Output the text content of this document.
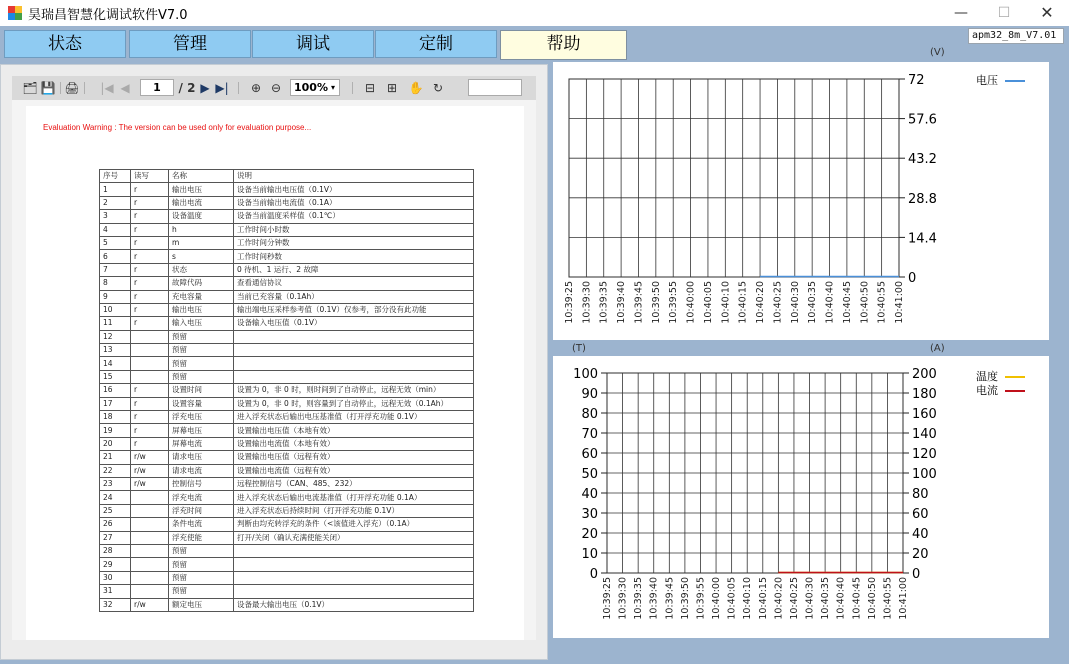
昊瑞昌智慧化调试软件V7.0	—	☐	✕
状态	管理	调试	定制	帮助	apm32_8m_V7.01
🗂 💾 🖨 |◀ ◀	1	/ 2 ▶ ▶| ⊕ ⊖	100% ▾ ⊟ ⊞ ✋ ↻
Evaluation Warning : The version can be used only for evaluation purpose...
序号	读写	名称	说明
1	r	输出电压	设备当前输出电压值（0.1V）
2	r	输出电流	设备当前输出电流值（0.1A）
3	r	设备温度	设备当前温度采样值（0.1℃）
4	r	h	工作时间小时数
5	r	m	工作时间分钟数
6	r	s	工作时间秒数
7	r	状态	0 待机、1 运行、2 故障
8	r	故障代码	查看通信协议
9	r	充电容量	当前已充容量（0.1Ah）
10	r	输出电压	输出端电压采样参考值（0.1V）仅参考，部分没有此功能
11	r	输入电压	设备输入电压值（0.1V）
12		预留	
13		预留	
14		预留	
15		预留	
16	r	设置时间	设置为 0，非 0 时，则时间到了自动停止，远程无效（min）
17	r	设置容量	设置为 0，非 0 时，则容量到了自动停止，远程无效（0.1Ah）
18	r	浮充电压	进入浮充状态后输出电压基准值（打开浮充功能 0.1V）
19	r	屏幕电压	设置输出电压值（本地有效）
20	r	屏幕电流	设置输出电流值（本地有效）
21	r/w	请求电压	设置输出电压值（远程有效）
22	r/w	请求电流	设置输出电流值（远程有效）
23	r/w	控制信号	远程控制信号（CAN、485、232）
24		浮充电流	进入浮充状态后输出电流基准值（打开浮充功能 0.1A）
25		浮充时间	进入浮充状态后持续时间（打开浮充功能 0.1V）
26		条件电流	判断由均充转浮充的条件（<该值进入浮充）（0.1A）
27		浮充使能	打开/关闭（确认充满使能关闭）
28		预留	
29		预留	
30		预留	
31		预留	
32	r/w	额定电压	设备最大输出电压（0.1V）
(V)
10:39:25 10:39:30 10:39:35 10:39:40 10:39:45 10:39:50 10:39:55 10:40:00 10:40:05 10:40:10 10:40:15 10:40:20 10:40:25 10:40:30 10:40:35 10:40:40 10:40:45 10:40:50 10:40:55 10:41:00
72
57.6
43.2
28.8
14.4
0
电压
(T)	(A)
10:39:25 10:39:30 10:39:35 10:39:40 10:39:45 10:39:50 10:39:55 10:40:00 10:40:05 10:40:10 10:40:15 10:40:20 10:40:25 10:40:30 10:40:35 10:40:40 10:40:45 10:40:50 10:40:55 10:41:00
200
180
160
140
120
100
80
60
40
20
0
100
90
80
70
60
50
40
30
20
10
0
温度
电流
